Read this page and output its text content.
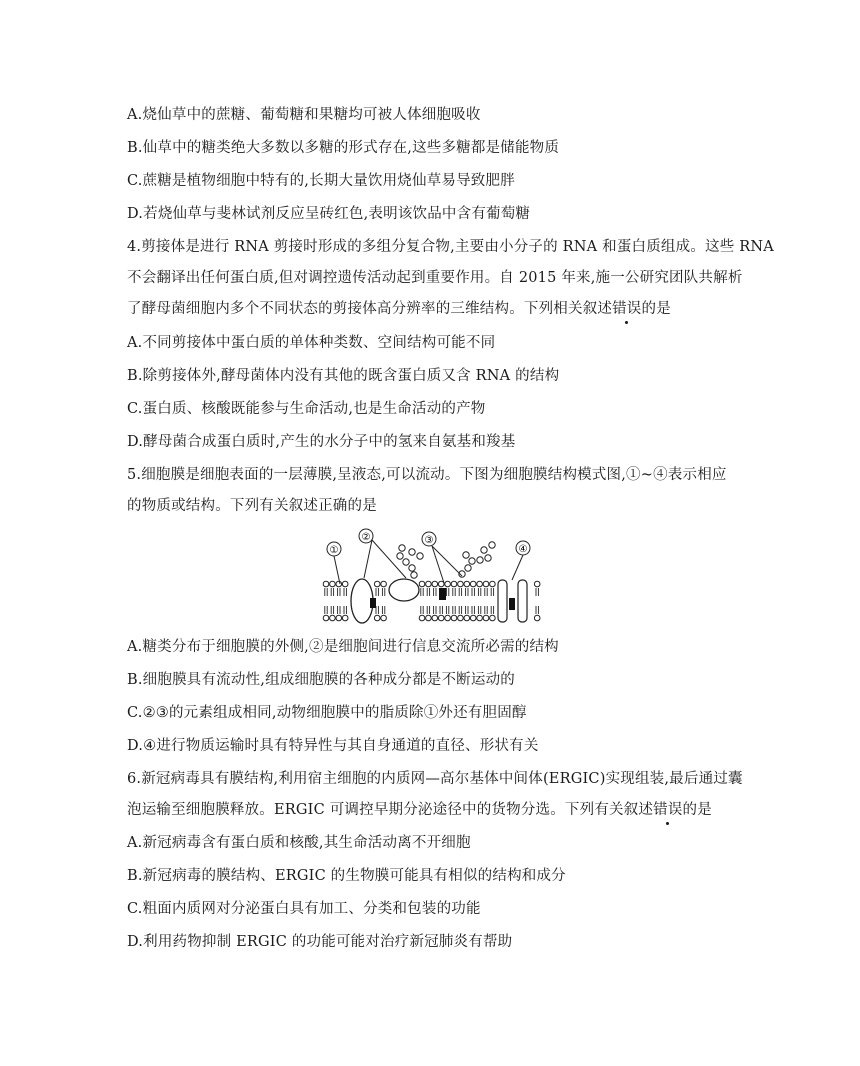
A.烧仙草中的蔗糖、葡萄糖和果糖均可被人体细胞吸收
B.仙草中的糖类绝大多数以多糖的形式存在,这些多糖都是储能物质
C.蔗糖是植物细胞中特有的,长期大量饮用烧仙草易导致肥胖
D.若烧仙草与斐林试剂反应呈砖红色,表明该饮品中含有葡萄糖
4.剪接体是进行 RNA 剪接时形成的多组分复合物,主要由小分子的 RNA 和蛋白质组成。这些 RNA
不会翻译出任何蛋白质,但对调控遗传活动起到重要作用。自 2015 年来,施一公研究团队共解析
了酵母菌细胞内多个不同状态的剪接体高分辨率的三维结构。下列相关叙述错误的是
A.不同剪接体中蛋白质的单体种类数、空间结构可能不同
B.除剪接体外,酵母菌体内没有其他的既含蛋白质又含 RNA 的结构
C.蛋白质、核酸既能参与生命活动,也是生命活动的产物
D.酵母菌合成蛋白质时,产生的水分子中的氢来自氨基和羧基
5.细胞膜是细胞表面的一层薄膜,呈液态,可以流动。下图为细胞膜结构模式图,①~④表示相应
的物质或结构。下列有关叙述正确的是
①
②	③
④
A.糖类分布于细胞膜的外侧,②是细胞间进行信息交流所必需的结构
B.细胞膜具有流动性,组成细胞膜的各种成分都是不断运动的
C.②③的元素组成相同,动物细胞膜中的脂质除①外还有胆固醇
D.④进行物质运输时具有特异性与其自身通道的直径、形状有关
6.新冠病毒具有膜结构,利用宿主细胞的内质网—高尔基体中间体(ERGIC)实现组装,最后通过囊
泡运输至细胞膜释放。ERGIC 可调控早期分泌途径中的货物分选。下列有关叙述错误的是
A.新冠病毒含有蛋白质和核酸,其生命活动离不开细胞
B.新冠病毒的膜结构、ERGIC 的生物膜可能具有相似的结构和成分
C.粗面内质网对分泌蛋白具有加工、分类和包装的功能
D.利用药物抑制 ERGIC 的功能可能对治疗新冠肺炎有帮助
